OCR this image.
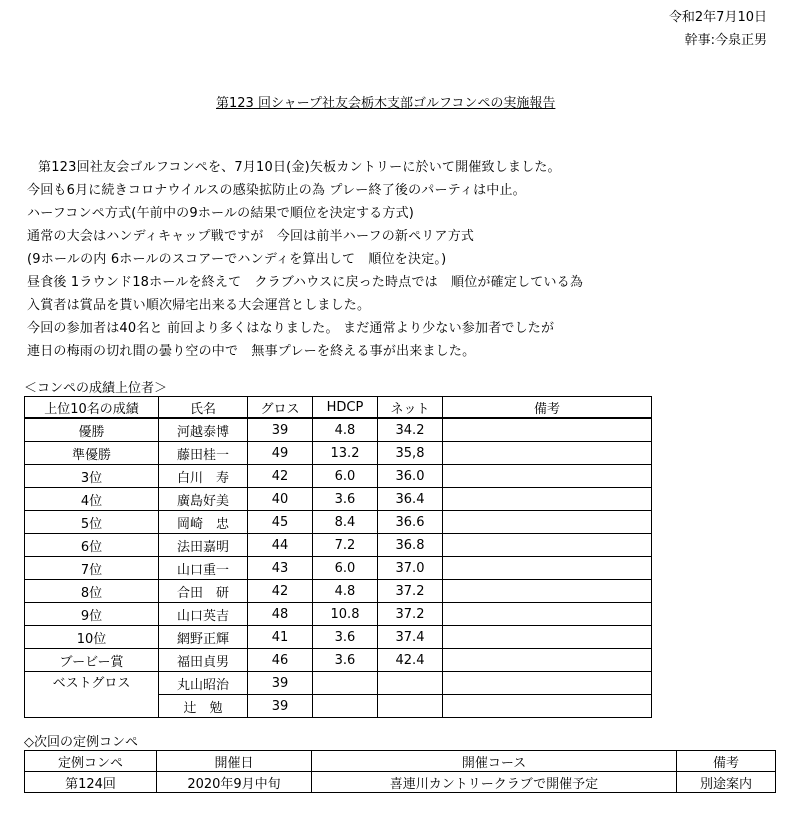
令和2年7月10日
幹事:今泉正男
第123 回シャープ社友会栃木支部ゴルフコンペの実施報告
第123回社友会ゴルフコンペを、7月10日(金)矢板カントリーに於いて開催致しました。
今回も6月に続きコロナウイルスの感染拡防止の為 プレー終了後のパーティは中止。
ハーフコンペ方式(午前中の9ホールの結果で順位を決定する方式)
通常の大会はハンディキャップ戦ですが　今回は前半ハーフの新ペリア方式
(9ホールの内 6ホールのスコアーでハンディを算出して　順位を決定。)
昼食後 1ラウンド18ホールを終えて　クラブハウスに戻った時点では　順位が確定している為
入賞者は賞品を貰い順次帰宅出来る大会運営としました。
今回の参加者は40名と 前回より多くはなりました。 まだ通常より少ない参加者でしたが
連日の梅雨の切れ間の曇り空の中で　無事プレーを終える事が出来ました。
＜コンペの成績上位者＞
上位10名の成績	氏名	グロス	HDCP	ネット	備考
優勝	河越泰博	39	4.8	34.2	
準優勝	藤田桂一	49	13.2	35,8	
3位	白川　寿	42	6.0	36.0	
4位	廣島好美	40	3.6	36.4	
5位	岡崎　忠	45	8.4	36.6	
6位	法田嘉明	44	7.2	36.8	
7位	山口重一	43	6.0	37.0	
8位	合田　研	42	4.8	37.2	
9位	山口英吉	48	10.8	37.2	
10位	網野正輝	41	3.6	37.4	
ブービー賞	福田貞男	46	3.6	42.4	
ベストグロス	丸山昭治	39			
	辻　勉	39			
◇次回の定例コンペ
定例コンペ	開催日	開催コース	備考
第124回	2020年9月中旬	喜連川カントリークラブで開催予定	別途案内
